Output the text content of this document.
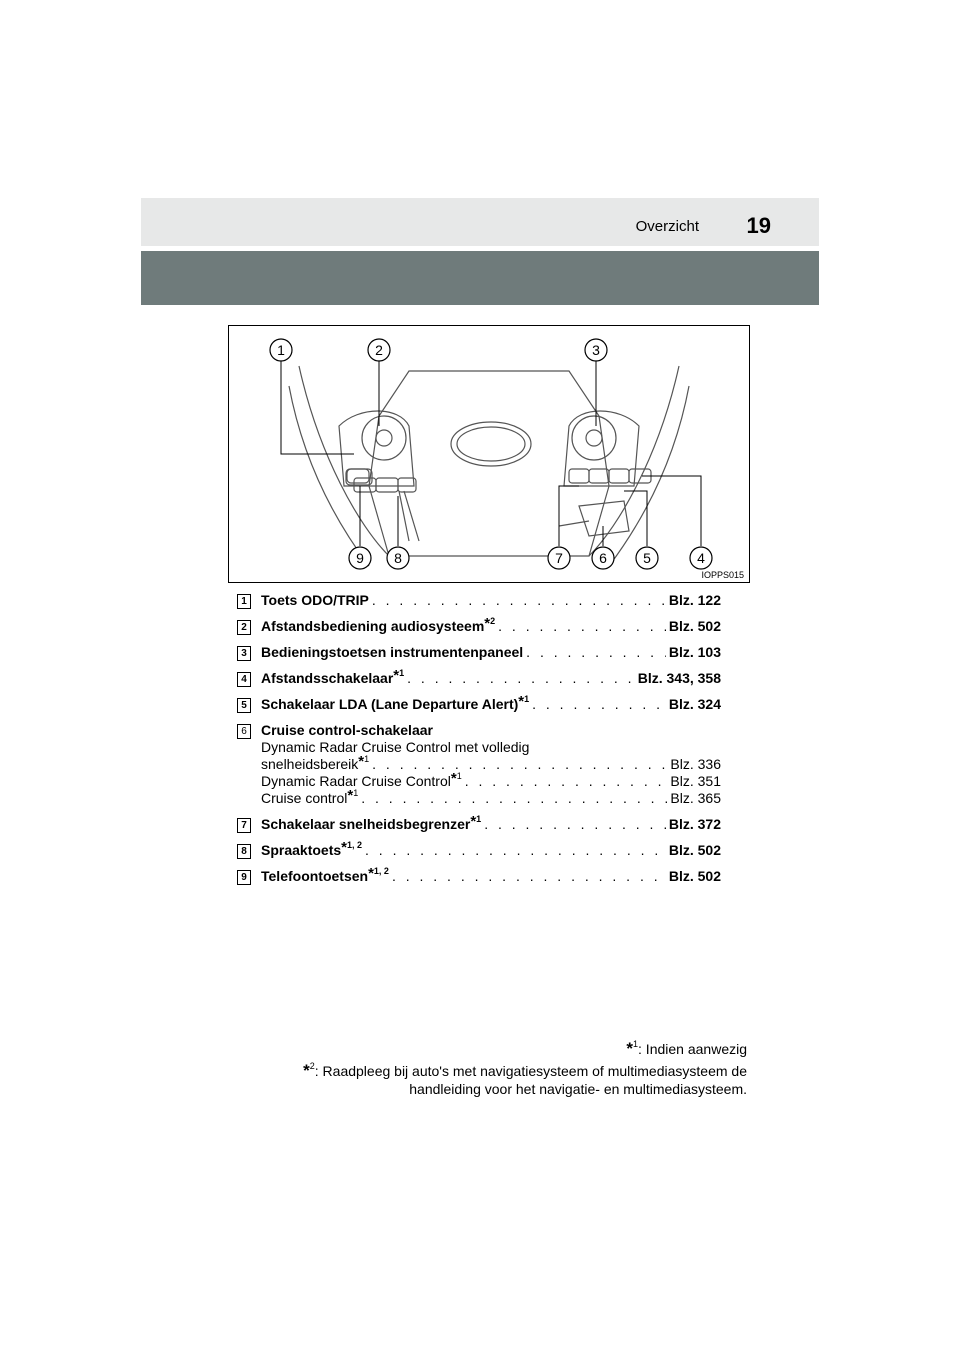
Overzicht 19
1	2	3
4
5
6
7
8
9
IOPPS015
1	Toets ODO/TRIP . . .	Blz. 122
2	Afstandsbediening audiosysteem$^{*2}$ . . .	Blz. 502
3	Bedieningstoetsen instrumentenpaneel . . .	Blz. 103
4	Afstandsschakelaar$^{*1}$ . . .	Blz. 343, 358
5	Schakelaar LDA (Lane Departure Alert)$^{*1}$ . . .	Blz. 324
6	Cruise control-schakelaar
Dynamic Radar Cruise Control met volledig
snelheidsbereik$^{*1}$ . . .	Blz. 336
Dynamic Radar Cruise Control$^{*1}$ . . .	Blz. 351
Cruise control$^{*1}$ . . .	Blz. 365
7	Schakelaar snelheidsbegrenzer$^{*1}$ . . .	Blz. 372
8	Spraaktoets$^{*1, 2}$ . . .	Blz. 502
9	Telefoontoetsen$^{*1, 2}$ . . .	Blz. 502
*$^1$: Indien aanwezig
*$^2$: Raadpleeg bij auto's met navigatiesysteem of multimediasysteem de
handleiding voor het navigatie- en multimediasysteem.
